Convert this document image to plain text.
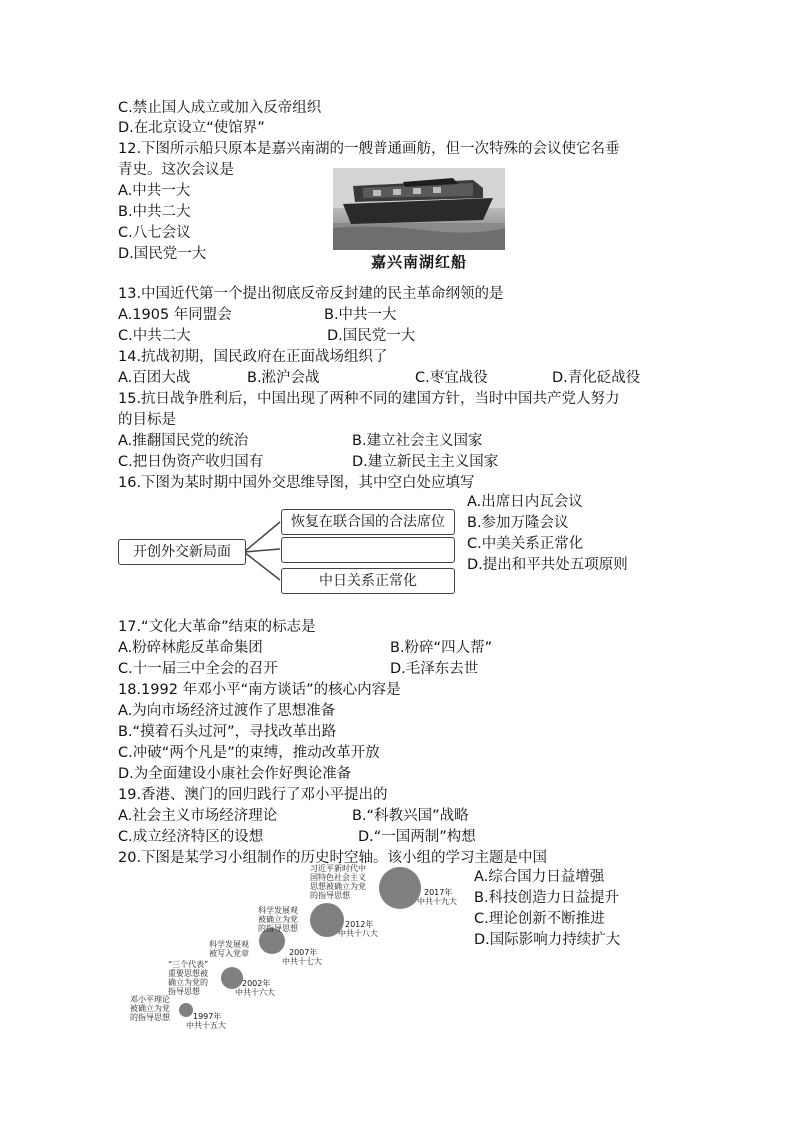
C.禁止国人成立或加入反帝组织
D.在北京设立“使馆界”
12.下图所示船只原本是嘉兴南湖的一艘普通画舫，但一次特殊的会议使它名垂
青史。这次会议是
A.中共一大
B.中共二大
C.八七会议
D.国民党一大	嘉兴南湖红船
13.中国近代第一个提出彻底反帝反封建的民主革命纲领的是
A.1905 年同盟会	B.中共一大
C.中共二大	D.国民党一大
14.抗战初期，国民政府在正面战场组织了
A.百团大战	B.淞沪会战	C.枣宜战役	D.青化砭战役
15.抗日战争胜利后，中国出现了两种不同的建国方针，当时中国共产党人努力
的目标是
A.推翻国民党的统治	B.建立社会主义国家
C.把日伪资产收归国有	D.建立新民主主义国家
16.下图为某时期中国外交思维导图，其中空白处应填写
开创外交新局面
恢复在联合国的合法席位
中日关系正常化
A.出席日内瓦会议
B.参加万隆会议
C.中美关系正常化
D.提出和平共处五项原则
17.“文化大革命”结束的标志是
A.粉碎林彪反革命集团	B.粉碎“四人帮”
C.十一届三中全会的召开	D.毛泽东去世
18.1992 年邓小平“南方谈话”的核心内容是
A.为向市场经济过渡作了思想准备
B.“摸着石头过河”，寻找改革出路
C.冲破“两个凡是”的束缚，推动改革开放
D.为全面建设小康社会作好舆论准备
19.香港、澳门的回归践行了邓小平提出的
A.社会主义市场经济理论	B.“科教兴国”战略
C.成立经济特区的设想	D.“一国两制”构想
20.下图是某学习小组制作的历史时空轴。该小组的学习主题是中国
A.综合国力日益增强
B.科技创造力日益提升
C.理论创新不断推进
D.国际影响力持续扩大
邓小平理论
被确立为党
的指导思想	1997年
中共十五大
“三个代表”
重要思想被
确立为党的
指导思想
2002年
中共十六大
科学发展观
被写入党章	2007年
中共十七大
科学发展观
被确立为党
的指导思想	2012年
中共十八大
习近平新时代中
国特色社会主义
思想被确立为党
的指导思想	2017年
中共十九大
